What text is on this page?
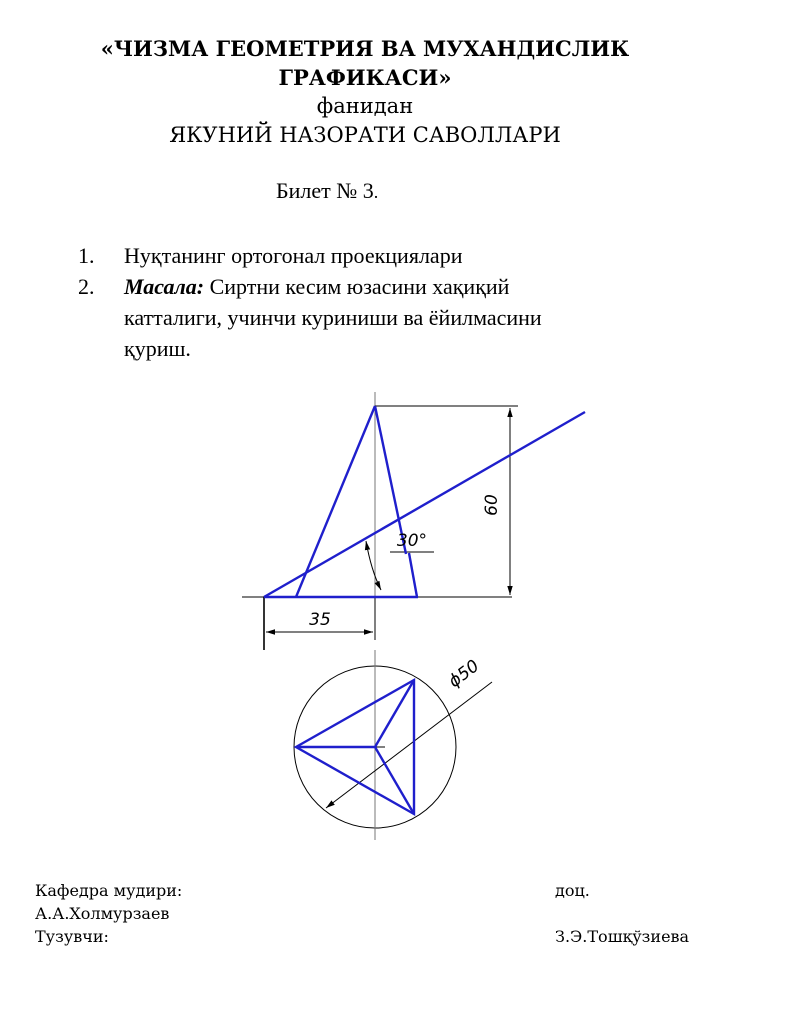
«ЧИЗМА ГЕОМЕТРИЯ ВА МУХАНДИСЛИК
ГРАФИКАСИ»
фанидан
ЯКУНИЙ НАЗОРАТИ САВОЛЛАРИ
Билет № 3.
1. Нуқтанинг ортогонал проекциялари
2. Масала: Сиртни кесим юзасини хақиқий
катталиги, учинчи куриниши ва ёйилмасини
қуриш.
60
35
30°
ϕ50
Кафедра мудири:	доц.
А.А.Холмурзаев
Тузувчи:	З.Э.Тошқўзиева
